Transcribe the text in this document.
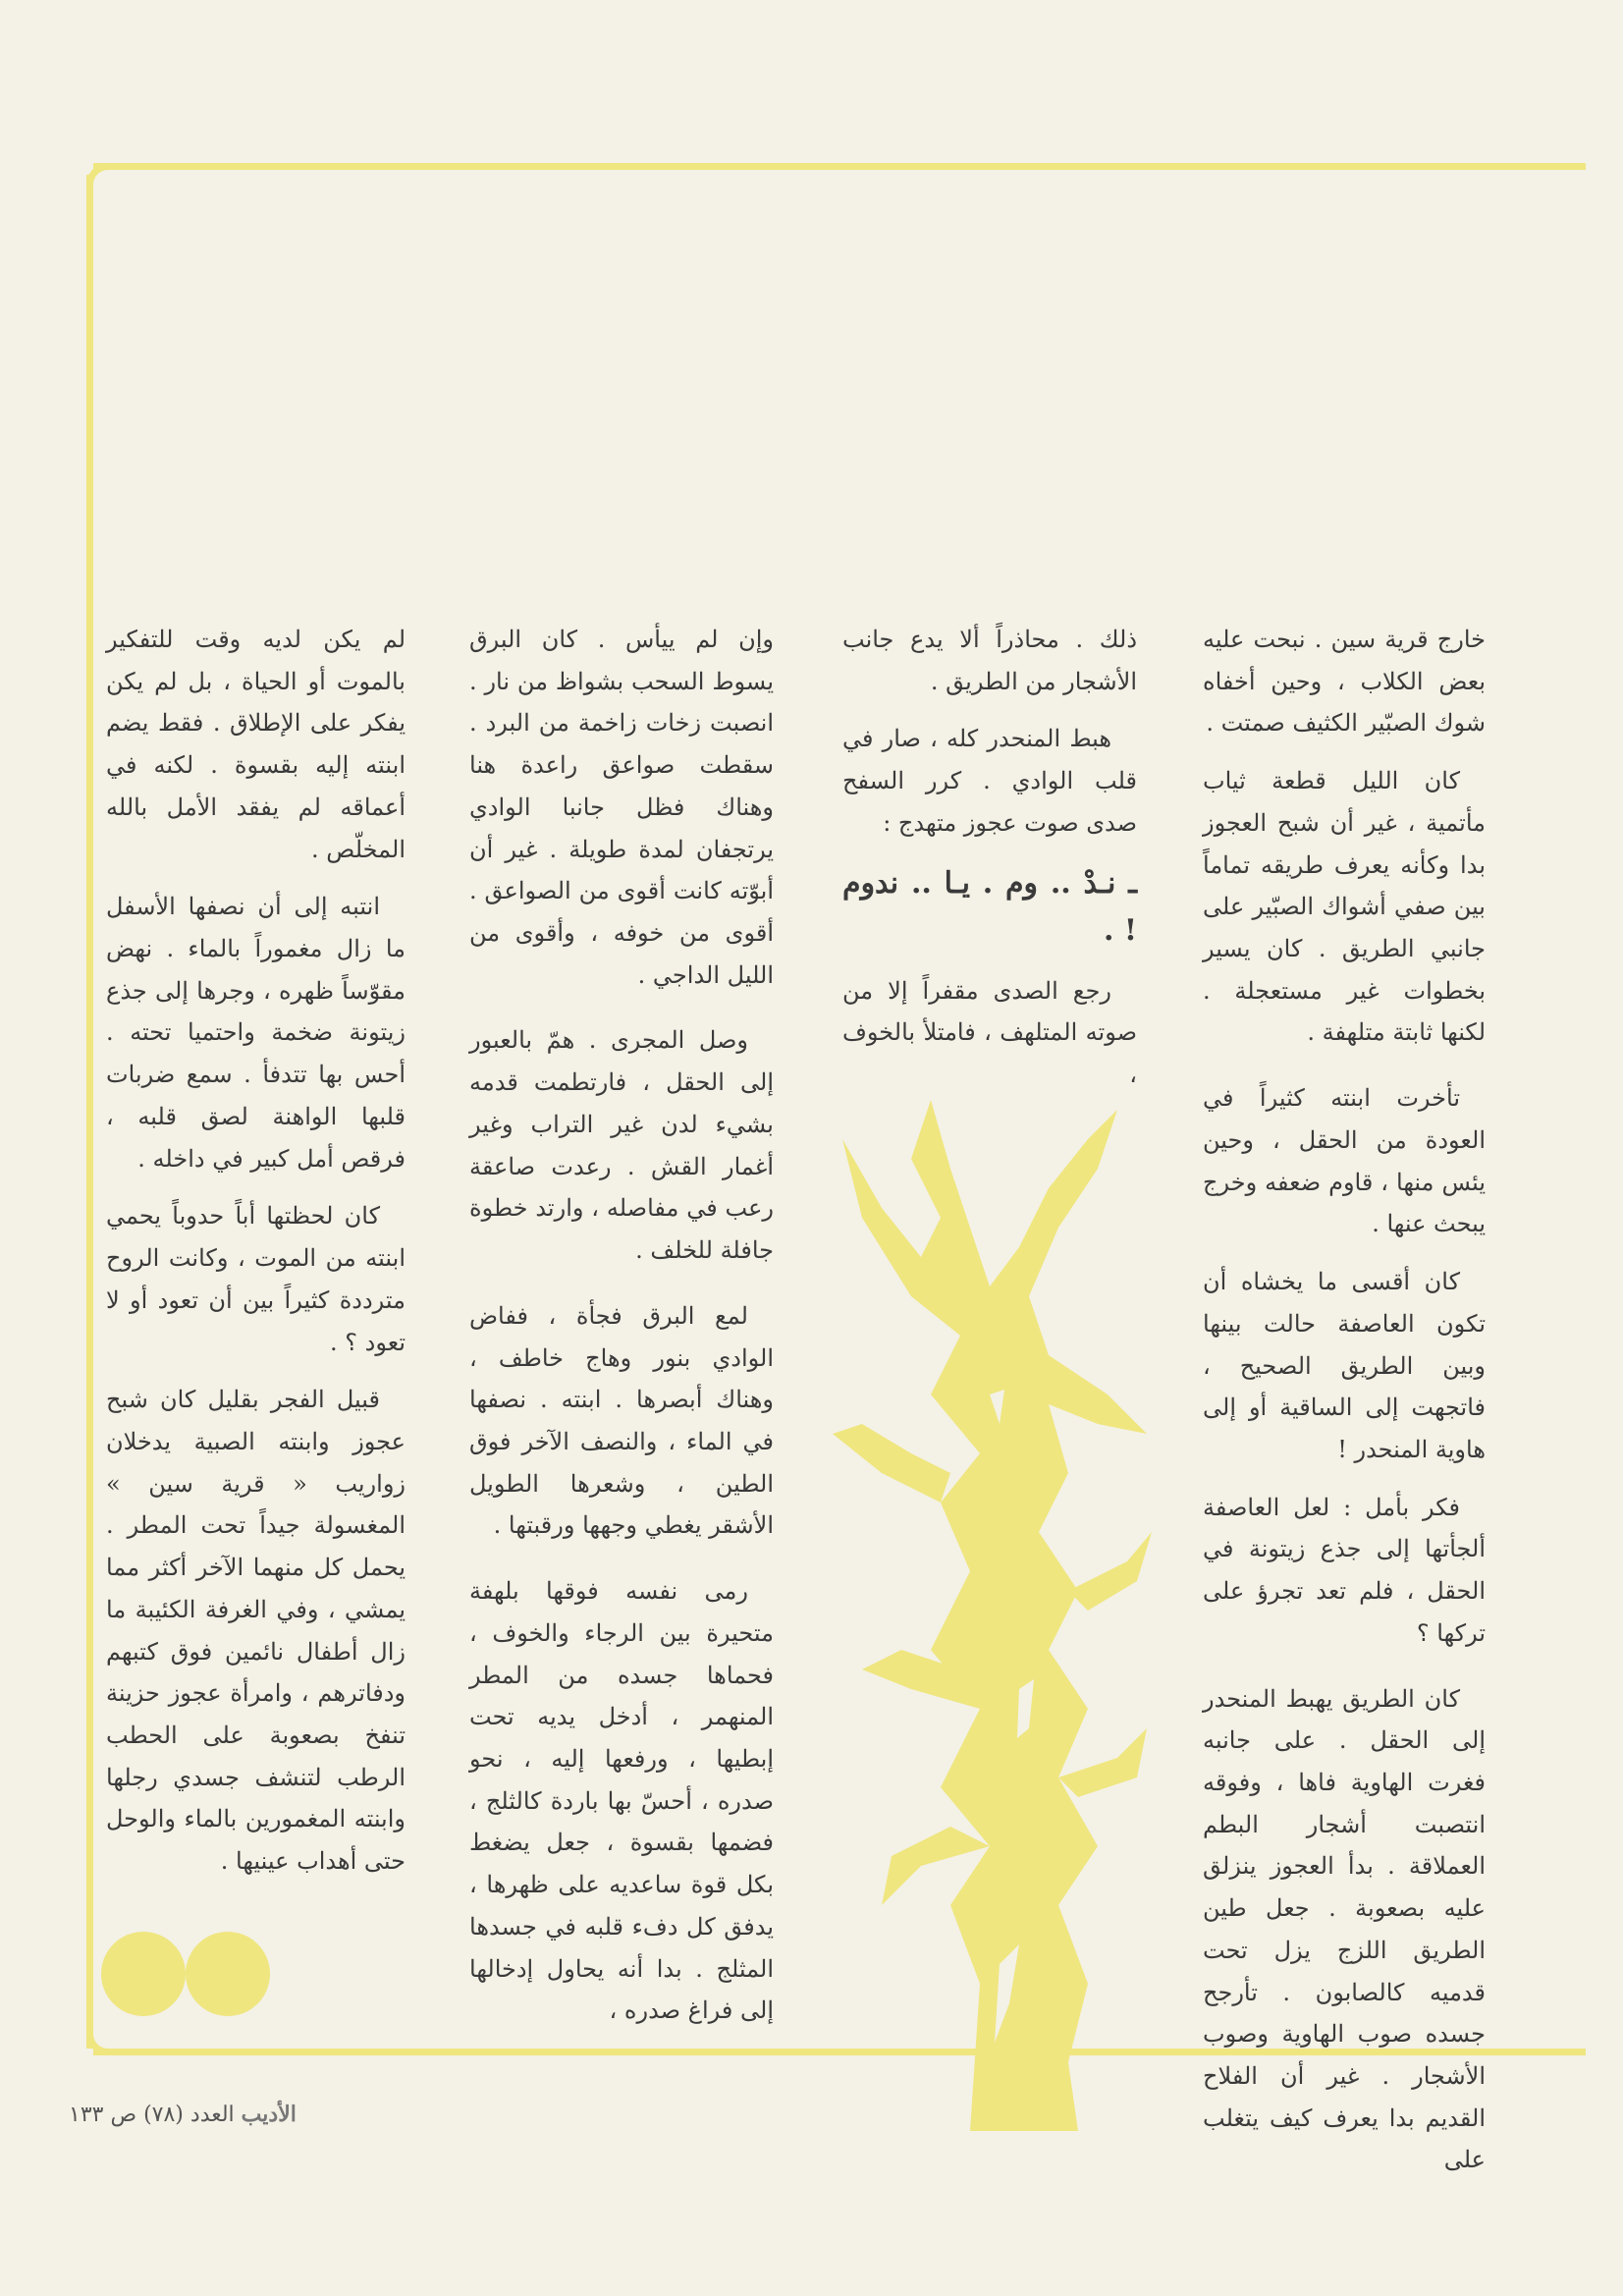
خارج قرية سين . نبحت عليه بعض الكلاب ، وحين أخفاه شوك الصبّير الكثيف صمتت .

كان الليل قطعة ثياب مأتمية ، غير أن شبح العجوز بدا وكأنه يعرف طريقه تماماً بين صفي أشواك الصبّير على جانبي الطريق . كان يسير بخطوات غير مستعجلة . لكنها ثابتة متلهفة .

تأخرت ابنته كثيراً في العودة من الحقل ، وحين يئس منها ، قاوم ضعفه وخرج يبحث عنها .

كان أقسى ما يخشاه أن تكون العاصفة حالت بينها وبين الطريق الصحيح ، فاتجهت إلى الساقية أو إلى هاوية المنحدر !

فكر بأمل : لعل العاصفة ألجأتها إلى جذع زيتونة في الحقل ، فلم تعد تجرؤ على تركها ؟

كان الطريق يهبط المنحدر إلى الحقل . على جانبه فغرت الهاوية فاها ، وفوقه انتصبت أشجار البطم العملاقة . بدأ العجوز ينزلق عليه بصعوبة . جعل طين الطريق اللزج يزل تحت قدميه كالصابون . تأرجح جسده صوب الهاوية وصوب الأشجار . غير أن الفلاح القديم بدا يعرف كيف يتغلب على

ذلك . محاذراً ألا يدع جانب الأشجار من الطريق .

هبط المنحدر كله ، صار في قلب الوادي . كرر السفح صدى صوت عجوز متهدج :

ـ نـدْ .. وم . يـا .. ندوم ! .

رجع الصدى مقفراً إلا من صوته المتلهف ، فامتلأ بالخوف ،

وإن لم ييأس . كان البرق يسوط السحب بشواظ من نار . انصبت زخات زاخمة من البرد . سقطت صواعق راعدة هنا وهناك فظل جانبا الوادي يرتجفان لمدة طويلة . غير أن أبوّته كانت أقوى من الصواعق . أقوى من خوفه ، وأقوى من الليل الداجي .

وصل المجرى . همّ بالعبور إلى الحقل ، فارتطمت قدمه بشيء لدن غير التراب وغير أغمار القش . رعدت صاعقة رعب في مفاصله ، وارتد خطوة جافلة للخلف .

لمع البرق فجأة ، ففاض الوادي بنور وهاج خاطف ، وهناك أبصرها . ابنته . نصفها في الماء ، والنصف الآخر فوق الطين ، وشعرها الطويل الأشقر يغطي وجهها ورقبتها .

رمى نفسه فوقها بلهفة متحيرة بين الرجاء والخوف ، فحماها جسده من المطر المنهمر ، أدخل يديه تحت إبطيها ، ورفعها إليه ، نحو صدره ، أحسّ بها باردة كالثلج ، فضمها بقسوة ، جعل يضغط بكل قوة ساعديه على ظهرها ، يدفق كل دفء قلبه في جسدها المثلج . بدا أنه يحاول إدخالها إلى فراغ صدره ،

لم يكن لديه وقت للتفكير بالموت أو الحياة ، بل لم يكن يفكر على الإطلاق . فقط يضم ابنته إليه بقسوة . لكنه في أعماقه لم يفقد الأمل بالله المخلّص .

انتبه إلى أن نصفها الأسفل ما زال مغموراً بالماء . نهض مقوّساً ظهره ، وجرها إلى جذع زيتونة ضخمة واحتميا تحته . أحس بها تتدفأ . سمع ضربات قلبها الواهنة لصق قلبه ، فرقص أمل كبير في داخله .

كان لحظتها أباً حدوباً يحمي ابنته من الموت ، وكانت الروح مترددة كثيراً بين أن تعود أو لا تعود ؟ .

قبيل الفجر بقليل كان شبح عجوز وابنته الصبية يدخلان زواريب « قرية سين » المغسولة جيداً تحت المطر . يحمل كل منهما الآخر أكثر مما يمشي ، وفي الغرفة الكئيبة ما زال أطفال نائمين فوق كتبهم ودفاترهم ، وامرأة عجوز حزينة تنفخ بصعوبة على الحطب الرطب لتنشف جسدي رجلها وابنته المغمورين بالماء والوحل حتى أهداب عينيها .

الأديب العدد (٧٨) ص ١٣٣
